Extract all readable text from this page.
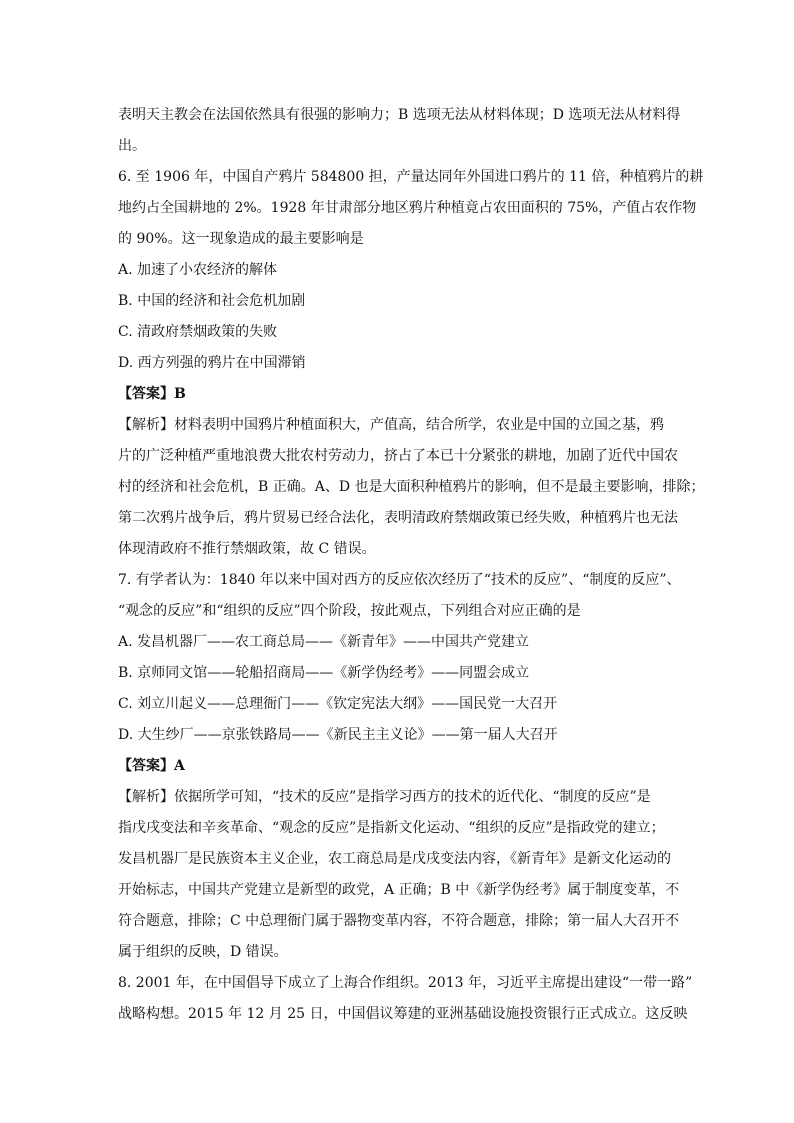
表明天主教会在法国依然具有很强的影响力；B 选项无法从材料体现；D 选项无法从材料得
出。
6. 至 1906 年，中国自产鸦片 584800 担，产量达同年外国进口鸦片的 11 倍，种植鸦片的耕
地约占全国耕地的 2%。1928 年甘肃部分地区鸦片种植竟占农田面积的 75%，产值占农作物
的 90%。这一现象造成的最主要影响是
A. 加速了小农经济的解体
B. 中国的经济和社会危机加剧
C. 清政府禁烟政策的失败
D. 西方列强的鸦片在中国滞销
【答案】B
【解析】材料表明中国鸦片种植面积大，产值高，结合所学，农业是中国的立国之基，鸦
片的广泛种植严重地浪费大批农村劳动力，挤占了本已十分紧张的耕地，加剧了近代中国农
村的经济和社会危机，B 正确。A、D 也是大面积种植鸦片的影响，但不是最主要影响，排除；
第二次鸦片战争后，鸦片贸易已经合法化，表明清政府禁烟政策已经失败，种植鸦片也无法
体现清政府不推行禁烟政策，故 C 错误。
7. 有学者认为：1840 年以来中国对西方的反应依次经历了“技术的反应”、“制度的反应”、
“观念的反应”和“组织的反应”四个阶段，按此观点，下列组合对应正确的是
A. 发昌机器厂——农工商总局——《新青年》——中国共产党建立
B. 京师同文馆——轮船招商局——《新学伪经考》——同盟会成立
C. 刘立川起义——总理衙门——《钦定宪法大纲》——国民党一大召开
D. 大生纱厂——京张铁路局——《新民主主义论》——第一届人大召开
【答案】A
【解析】依据所学可知，“技术的反应”是指学习西方的技术的近代化、“制度的反应”是
指戊戌变法和辛亥革命、“观念的反应”是指新文化运动、“组织的反应”是指政党的建立；
发昌机器厂是民族资本主义企业，农工商总局是戊戌变法内容，《新青年》是新文化运动的
开始标志，中国共产党建立是新型的政党，A 正确；B 中《新学伪经考》属于制度变革，不
符合题意，排除；C 中总理衙门属于器物变革内容，不符合题意，排除；第一届人大召开不
属于组织的反映，D 错误。
8. 2001 年，在中国倡导下成立了上海合作组织。2013 年，习近平主席提出建设“一带一路”
战略构想。2015 年 12 月 25 日，中国倡议筹建的亚洲基础设施投资银行正式成立。这反映
